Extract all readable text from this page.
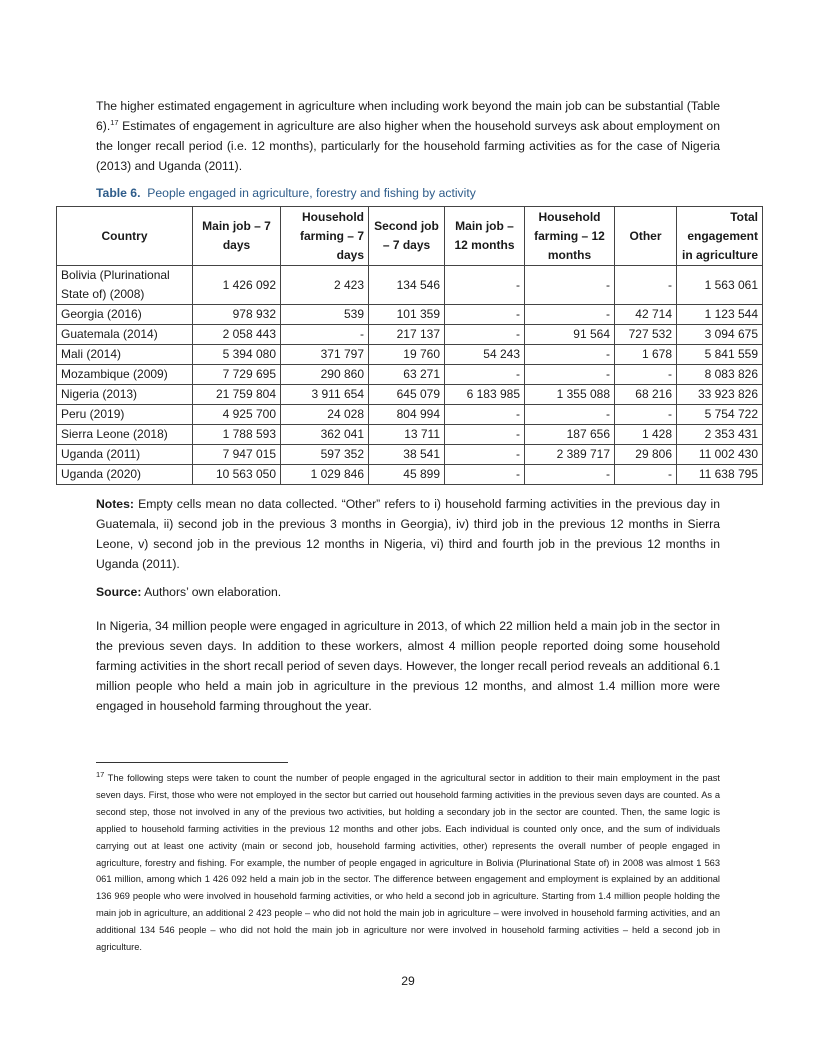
The higher estimated engagement in agriculture when including work beyond the main job can be substantial (Table 6).$^{17}$ Estimates of engagement in agriculture are also higher when the household surveys ask about employment on the longer recall period (i.e. 12 months), particularly for the household farming activities as for the case of Nigeria (2013) and Uganda (2011).

Table 6. People engaged in agriculture, forestry and fishing by activity

Country	Main job – 7 days	Household farming – 7 days	Second job – 7 days	Main job – 12 months	Household farming – 12 months	Other	Total engagement in agriculture
Bolivia (Plurinational State of) (2008)	1 426 092	2 423	134 546	-	-	-	1 563 061
Georgia (2016)	978 932	539	101 359	-	-	42 714	1 123 544
Guatemala (2014)	2 058 443	-	217 137	-	91 564	727 532	3 094 675
Mali (2014)	5 394 080	371 797	19 760	54 243	-	1 678	5 841 559
Mozambique (2009)	7 729 695	290 860	63 271	-	-	-	8 083 826
Nigeria (2013)	21 759 804	3 911 654	645 079	6 183 985	1 355 088	68 216	33 923 826
Peru (2019)	4 925 700	24 028	804 994	-	-	-	5 754 722
Sierra Leone (2018)	1 788 593	362 041	13 711	-	187 656	1 428	2 353 431
Uganda (2011)	7 947 015	597 352	38 541	-	2 389 717	29 806	11 002 430
Uganda (2020)	10 563 050	1 029 846	45 899	-	-	-	11 638 795

Notes: Empty cells mean no data collected. “Other” refers to i) household farming activities in the previous day in Guatemala, ii) second job in the previous 3 months in Georgia), iv) third job in the previous 12 months in Sierra Leone, v) second job in the previous 12 months in Nigeria, vi) third and fourth job in the previous 12 months in Uganda (2011).

Source: Authors’ own elaboration.

In Nigeria, 34 million people were engaged in agriculture in 2013, of which 22 million held a main job in the sector in the previous seven days. In addition to these workers, almost 4 million people reported doing some household farming activities in the short recall period of seven days. However, the longer recall period reveals an additional 6.1 million people who held a main job in agriculture in the previous 12 months, and almost 1.4 million more were engaged in household farming throughout the year.

$^{17}$ The following steps were taken to count the number of people engaged in the agricultural sector in addition to their main employment in the past seven days. First, those who were not employed in the sector but carried out household farming activities in the previous seven days are counted. As a second step, those not involved in any of the previous two activities, but holding a secondary job in the sector are counted. Then, the same logic is applied to household farming activities in the previous 12 months and other jobs. Each individual is counted only once, and the sum of individuals carrying out at least one activity (main or second job, household farming activities, other) represents the overall number of people engaged in agriculture, forestry and fishing. For example, the number of people engaged in agriculture in Bolivia (Plurinational State of) in 2008 was almost 1 563 061 million, among which 1 426 092 held a main job in the sector. The difference between engagement and employment is explained by an additional 136 969 people who were involved in household farming activities, or who held a second job in agriculture. Starting from 1.4 million people holding the main job in agriculture, an additional 2 423 people – who did not hold the main job in agriculture – were involved in household farming activities, and an additional 134 546 people – who did not hold the main job in agriculture nor were involved in household farming activities – held a second job in agriculture.

29
